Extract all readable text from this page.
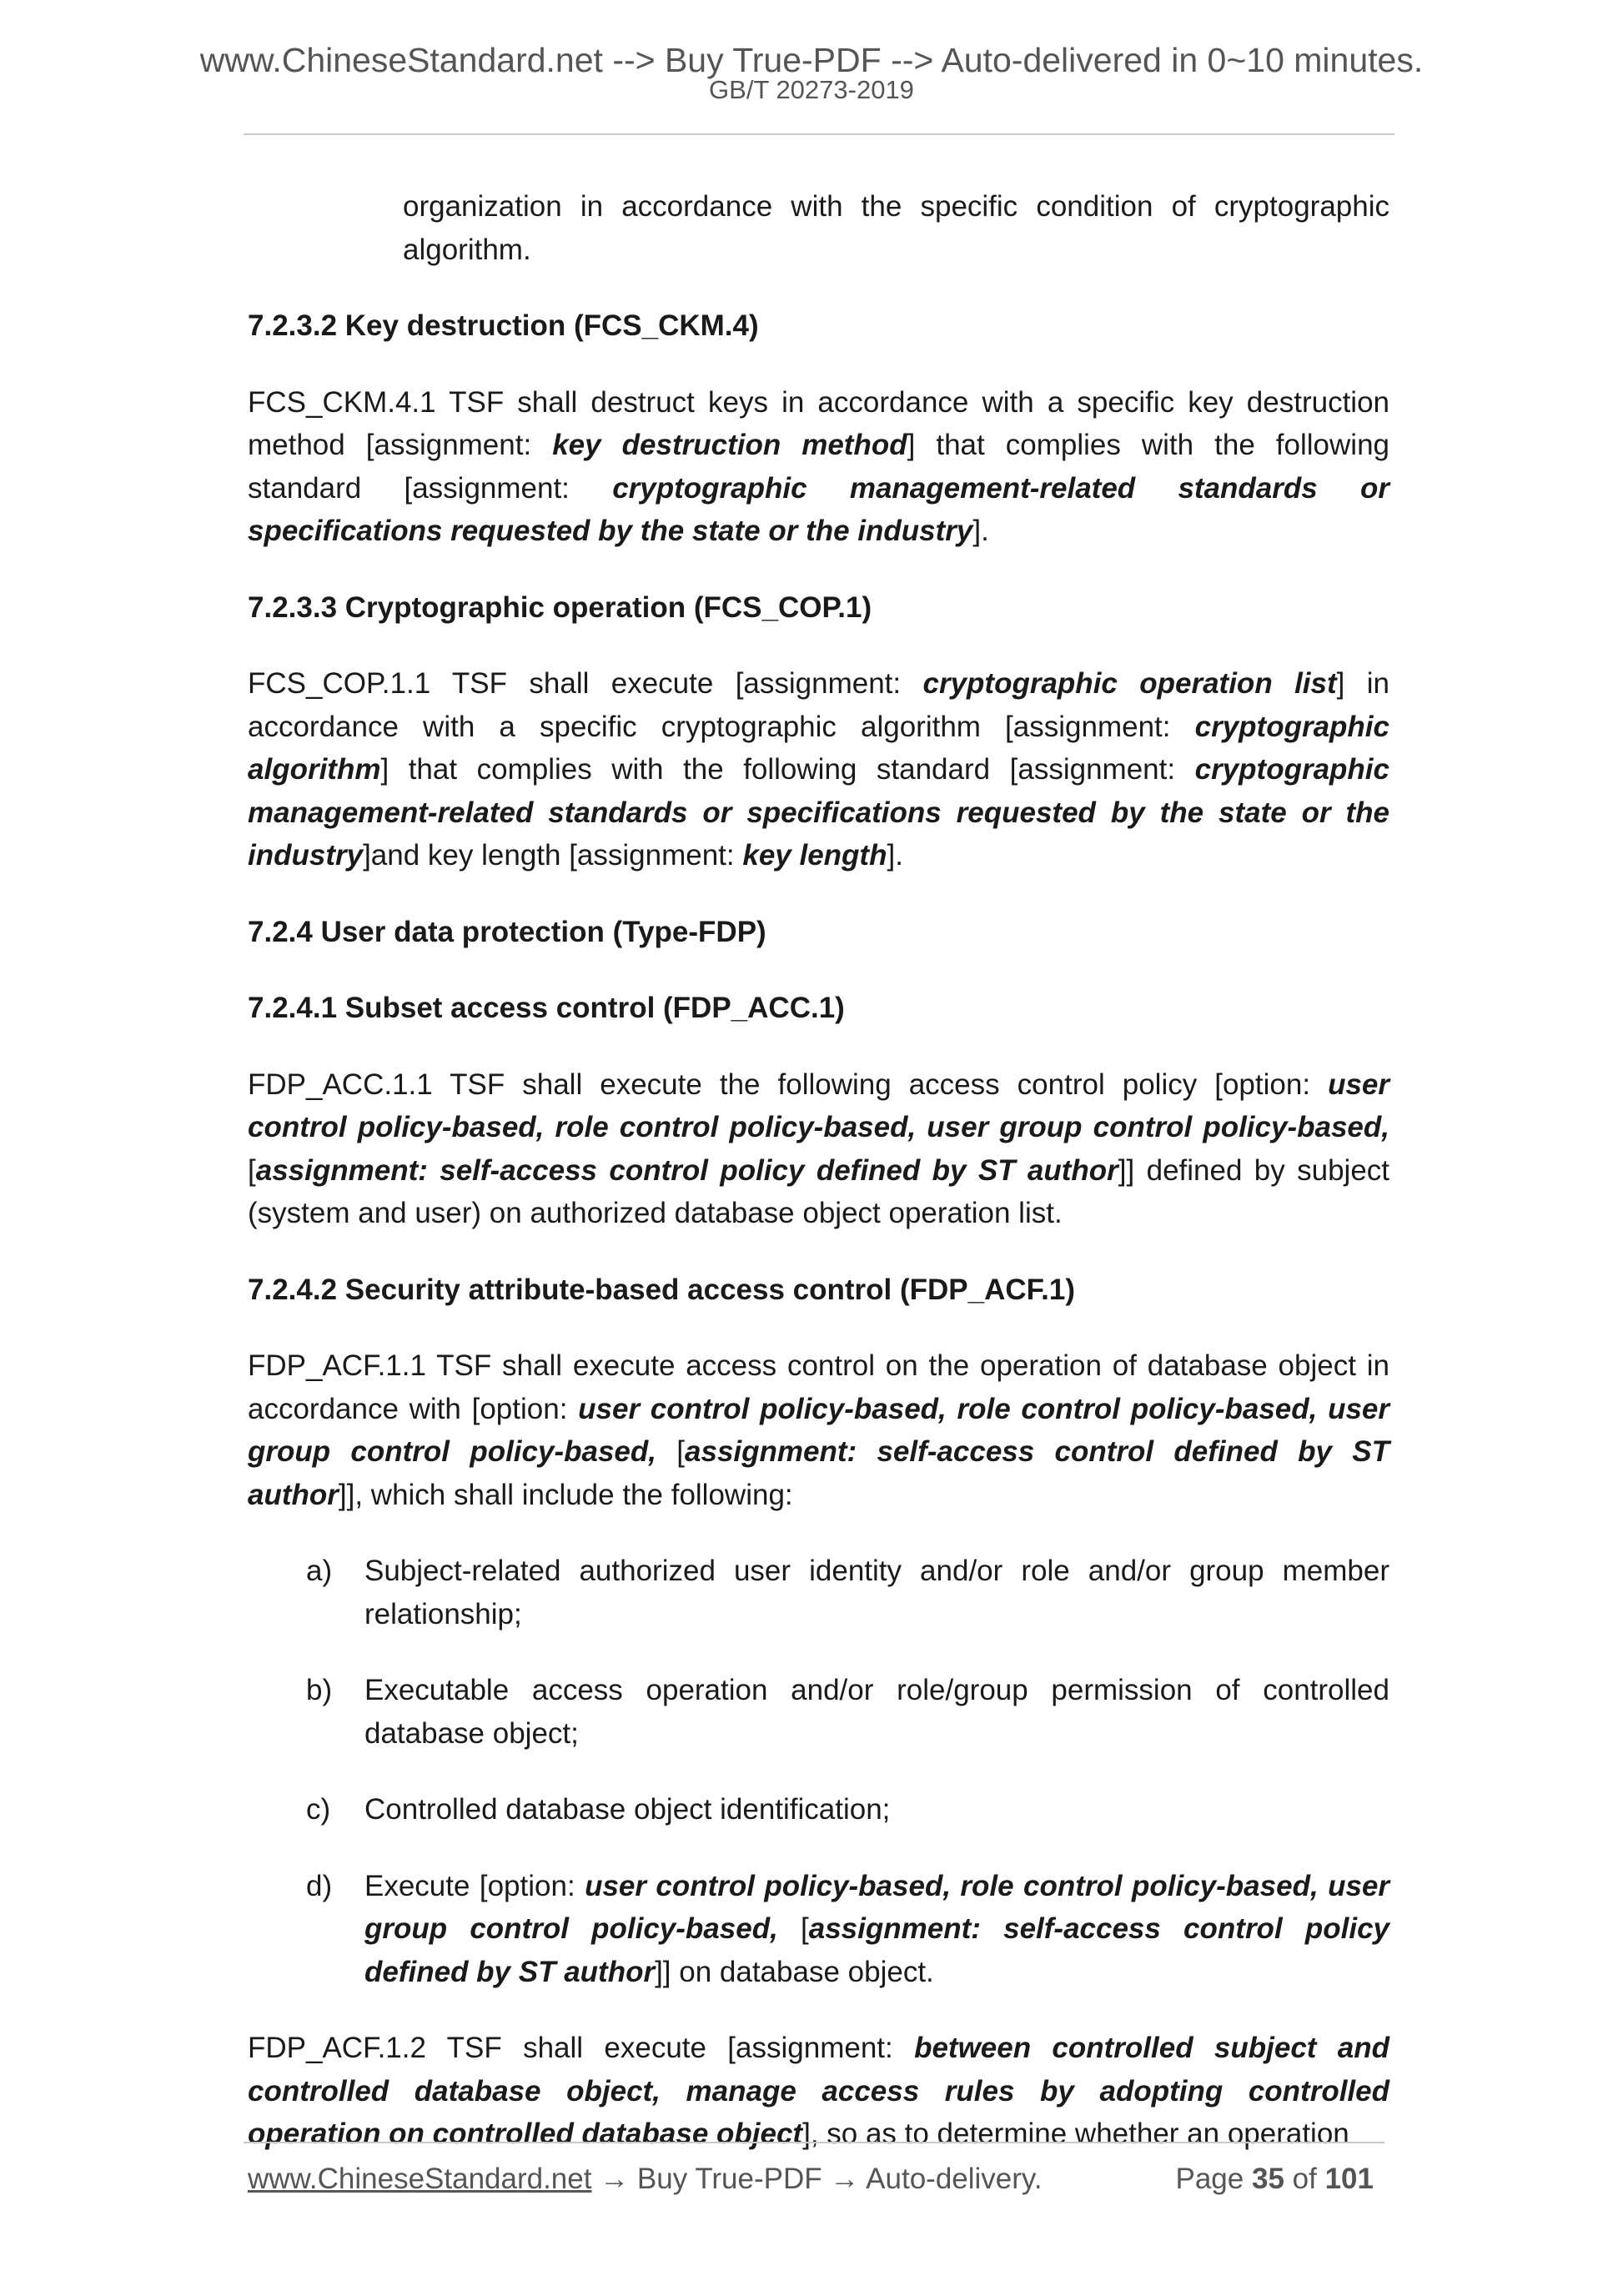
www.ChineseStandard.net --> Buy True-PDF --> Auto-delivered in 0~10 minutes.
GB/T 20273-2019

organization in accordance with the specific condition of cryptographic algorithm.

7.2.3.2 Key destruction (FCS_CKM.4)

FCS_CKM.4.1 TSF shall destruct keys in accordance with a specific key destruction method [assignment: key destruction method] that complies with the following standard [assignment: cryptographic management-related standards or specifications requested by the state or the industry].

7.2.3.3 Cryptographic operation (FCS_COP.1)

FCS_COP.1.1 TSF shall execute [assignment: cryptographic operation list] in accordance with a specific cryptographic algorithm [assignment: cryptographic algorithm] that complies with the following standard [assignment: cryptographic management-related standards or specifications requested by the state or the industry]and key length [assignment: key length].

7.2.4 User data protection (Type-FDP)
7.2.4.1 Subset access control (FDP_ACC.1)

FDP_ACC.1.1 TSF shall execute the following access control policy [option: user control policy-based, role control policy-based, user group control policy-based, [assignment: self-access control policy defined by ST author]] defined by subject (system and user) on authorized database object operation list.

7.2.4.2 Security attribute-based access control (FDP_ACF.1)

FDP_ACF.1.1 TSF shall execute access control on the operation of database object in accordance with [option: user control policy-based, role control policy-based, user group control policy-based, [assignment: self-access control defined by ST author]], which shall include the following:

a)	Subject-related authorized user identity and/or role and/or group member relationship;
b)	Executable access operation and/or role/group permission of controlled database object;
c)	Controlled database object identification;
d)	Execute [option: user control policy-based, role control policy-based, user group control policy-based, [assignment: self-access control policy defined by ST author]] on database object.

FDP_ACF.1.2 TSF shall execute [assignment: between controlled subject and controlled database object, manage access rules by adopting controlled operation on controlled database object], so as to determine whether an operation

www.ChineseStandard.net → Buy True-PDF → Auto-delivery.	Page 35 of 101
